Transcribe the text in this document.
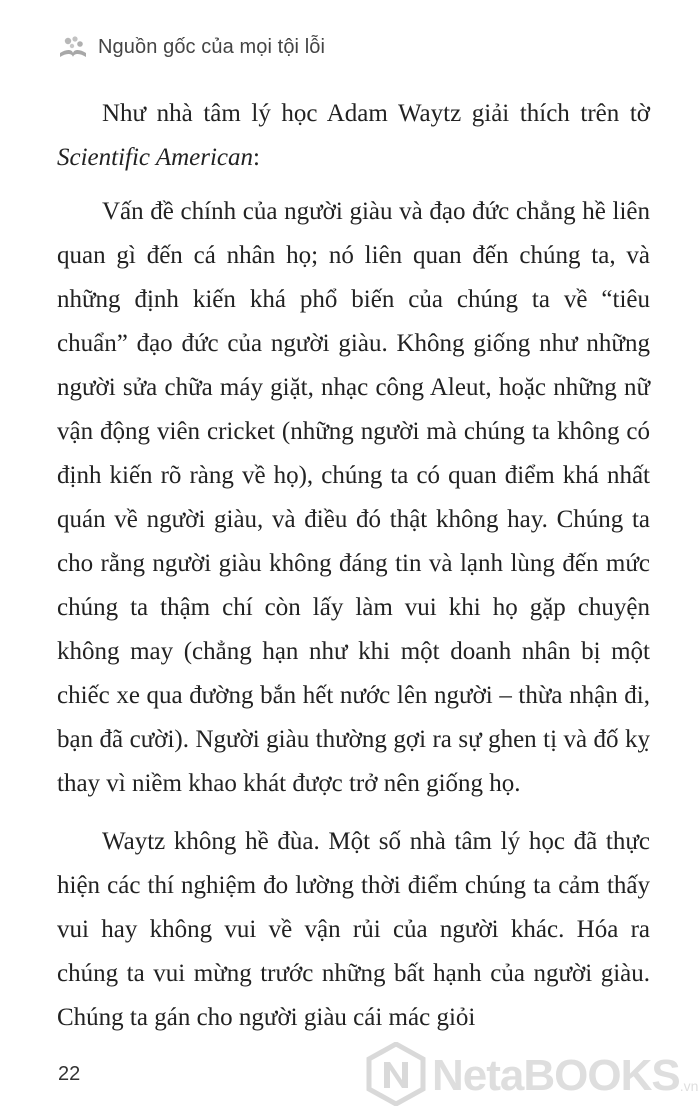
Nguồn gốc của mọi tội lỗi

Như nhà tâm lý học Adam Waytz giải thích trên tờ Scientific American:

Vấn đề chính của người giàu và đạo đức chẳng hề liên quan gì đến cá nhân họ; nó liên quan đến chúng ta, và những định kiến khá phổ biến của chúng ta về “tiêu chuẩn” đạo đức của người giàu. Không giống như những người sửa chữa máy giặt, nhạc công Aleut, hoặc những nữ vận động viên cricket (những người mà chúng ta không có định kiến rõ ràng về họ), chúng ta có quan điểm khá nhất quán về người giàu, và điều đó thật không hay. Chúng ta cho rằng người giàu không đáng tin và lạnh lùng đến mức chúng ta thậm chí còn lấy làm vui khi họ gặp chuyện không may (chẳng hạn như khi một doanh nhân bị một chiếc xe qua đường bắn hết nước lên người – thừa nhận đi, bạn đã cười). Người giàu thường gợi ra sự ghen tị và đố kỵ thay vì niềm khao khát được trở nên giống họ.

Waytz không hề đùa. Một số nhà tâm lý học đã thực hiện các thí nghiệm đo lường thời điểm chúng ta cảm thấy vui hay không vui về vận rủi của người khác. Hóa ra chúng ta vui mừng trước những bất hạnh của người giàu. Chúng ta gán cho người giàu cái mác giỏi

22	NetaBOOKS .vn
